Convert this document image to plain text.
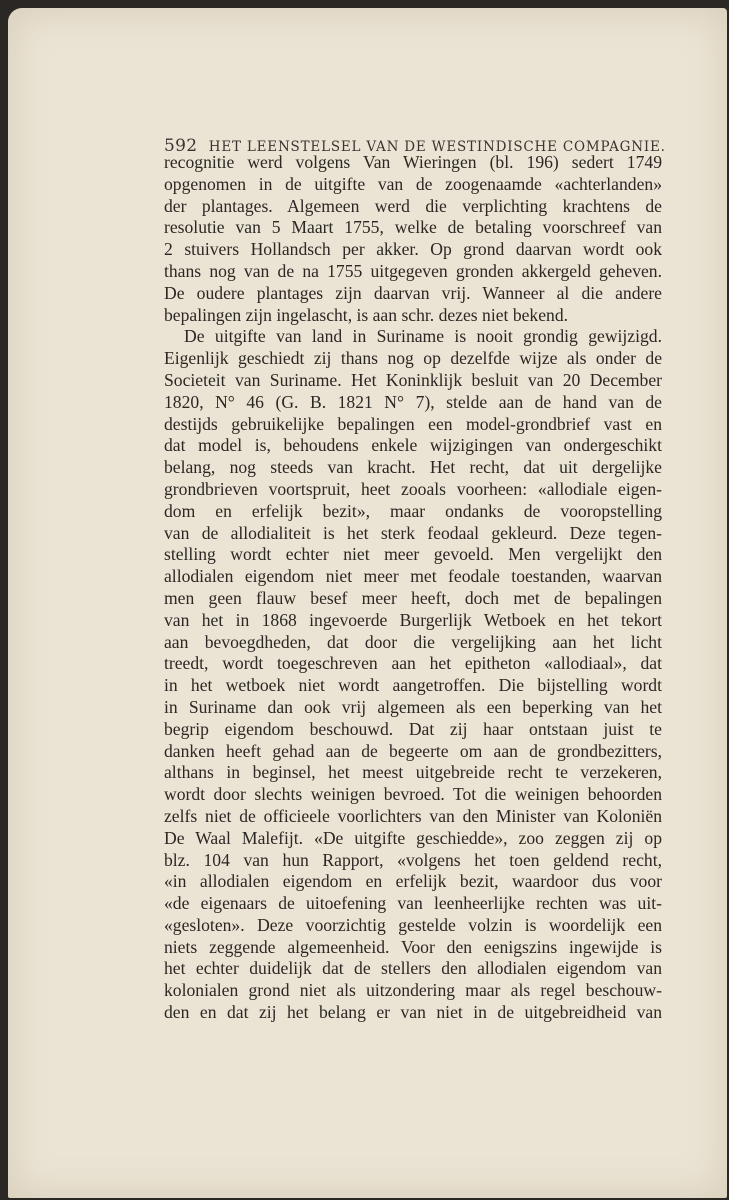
592 HET LEENSTELSEL VAN DE WESTINDISCHE COMPAGNIE.
recognitie werd volgens Van Wieringen (bl. 196) sedert 1749
opgenomen in de uitgifte van de zoogenaamde «achterlanden»
der plantages. Algemeen werd die verplichting krachtens de
resolutie van 5 Maart 1755, welke de betaling voorschreef van
2 stuivers Hollandsch per akker. Op grond daarvan wordt ook
thans nog van de na 1755 uitgegeven gronden akkergeld geheven.
De oudere plantages zijn daarvan vrij. Wanneer al die andere
bepalingen zijn ingelascht, is aan schr. dezes niet bekend.
De uitgifte van land in Suriname is nooit grondig gewijzigd.
Eigenlijk geschiedt zij thans nog op dezelfde wijze als onder de
Societeit van Suriname. Het Koninklijk besluit van 20 December
1820, N° 46 (G. B. 1821 N° 7), stelde aan de hand van de
destijds gebruikelijke bepalingen een model-grondbrief vast en
dat model is, behoudens enkele wijzigingen van ondergeschikt
belang, nog steeds van kracht. Het recht, dat uit dergelijke
grondbrieven voortspruit, heet zooals voorheen: «allodiale eigen-
dom en erfelijk bezit», maar ondanks de vooropstelling
van de allodialiteit is het sterk feodaal gekleurd. Deze tegen-
stelling wordt echter niet meer gevoeld. Men vergelijkt den
allodialen eigendom niet meer met feodale toestanden, waarvan
men geen flauw besef meer heeft, doch met de bepalingen
van het in 1868 ingevoerde Burgerlijk Wetboek en het tekort
aan bevoegdheden, dat door die vergelijking aan het licht
treedt, wordt toegeschreven aan het epitheton «allodiaal», dat
in het wetboek niet wordt aangetroffen. Die bijstelling wordt
in Suriname dan ook vrij algemeen als een beperking van het
begrip eigendom beschouwd. Dat zij haar ontstaan juist te
danken heeft gehad aan de begeerte om aan de grondbezitters,
althans in beginsel, het meest uitgebreide recht te verzekeren,
wordt door slechts weinigen bevroed. Tot die weinigen behoorden
zelfs niet de officieele voorlichters van den Minister van Koloniën
De Waal Malefijt. «De uitgifte geschiedde», zoo zeggen zij op
blz. 104 van hun Rapport, «volgens het toen geldend recht,
«in allodialen eigendom en erfelijk bezit, waardoor dus voor
«de eigenaars de uitoefening van leenheerlijke rechten was uit-
«gesloten». Deze voorzichtig gestelde volzin is woordelijk een
niets zeggende algemeenheid. Voor den eenigszins ingewijde is
het echter duidelijk dat de stellers den allodialen eigendom van
kolonialen grond niet als uitzondering maar als regel beschouw-
den en dat zij het belang er van niet in de uitgebreidheid van
